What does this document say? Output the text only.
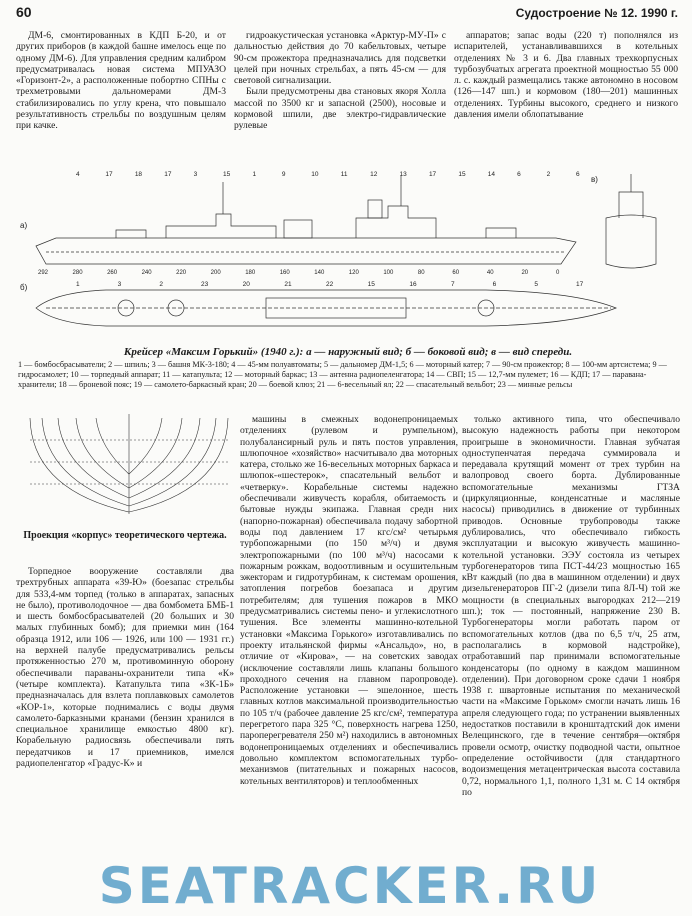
60	Судостроение № 12. 1990 г.

ДМ-6, смонтированных в КДП Б-20, и от других приборов (в каждой башне имелось еще по одному ДМ-6). Для управления средним калибром предусматривалась новая система МПУАЗО «Горизонт-2», а расположенные побортно СПНы с трехметровыми дальномерами ДМ-3 стабилизировались по углу крена, что повышало результативность стрельбы по воздушным целям при качке.

гидроакустическая установка «Арктур-МУ-П» с дальностью действия до 70 кабельтовых, четыре 90-см прожектора предназначались для подсветки целей при ночных стрельбах, а пять 45-см — для световой сигнализации.

Были предусмотрены два становых якоря Холла массой по 3500 кг и запасной (2500), носовые и кормовой шпили, две электро-гидравлические рулевые

аппаратов; запас воды (220 т) пополнялся из испарителей, устанавливавшихся в котельных отделениях № 3 и 6. Два главных трехкорпусных турбозубчатых агрегата проектной мощностью 55 000 л. с. каждый размещались также автономно в носовом (126—147 шп.) и кормовом (180—201) машинных отделениях. Турбины высокого, среднего и низкого давления имели облопатывание

а)
б)
в)
292	280	260	240	220	200	180	160	140	120	100	80	60	40	20	0
4	17	18	17	3	15	1	9	10	11	12	13	17	15	14	6	2	6
1	3	2	23	20	21	22	15	16	7	6	5	17
Крейсер «Максим Горький» (1940 г.): а — наружный вид; б — боковой вид; в — вид спереди.
1 — бомбосбрасыватели; 2 — шпиль; 3 — башня МК-3-180; 4 — 45-мм полуавтоматы; 5 — дальномер ДМ-1,5; 6 — моторный катер; 7 — 90-см прожектор; 8 — 100-мм артсистема; 9 — гидросамолет; 10 — торпедный аппарат; 11 — катапульта; 12 — моторный баркас; 13 — антенна радиопеленгатора; 14 — СВП; 15 — 12,7-мм пулемет; 16 — КДП; 17 — паравана-хранители; 18 — броневой пояс; 19 — самолето-баркасный кран; 20 — боевой клюз; 21 — 6-весельный ял; 22 — спасательный вельбот; 23 — минные рельсы
Проекция «корпус» теоретического чертежа.

Торпедное вооружение составляли два трехтрубных аппарата «39-Ю» (боезапас стрельбы для 533,4-мм торпед (только в аппаратах, запасных не было), противолодочное — два бомбомета БМБ-1 и шесть бомбосбрасывателей (20 больших и 30 малых глубинных бомб); для приемки мин (164 образца 1912, или 106 — 1926, или 100 — 1931 гг.) на верхней палубе предусматривались рельсы протяженностью 270 м, противоминную оборону обеспечивали параваны-охранители типа «К» (четыре комплекта). Катапульта типа «ЗК-1Б» предназначалась для взлета поплавковых самолетов «КОР-1», которые поднимались с воды двумя самолето-барказными кранами (бензин хранился в специальное хранилище емкостью 4800 кг). Корабельную радиосвязь обеспечивали пять передатчиков и 17 приемников, имелся радиопеленгатор «Градус-К» и

машины в смежных водонепроницаемых отделениях (рулевом и румпельном), полубалансирный руль и пять постов управления, шлюпочное «хозяйство» насчитывало два моторных катера, столько же 16-весельных моторных баркаса и шлюпок-«шестерок», спасательный вельбот и «четверку». Корабельные системы надежно обеспечивали живучесть корабля, обитаемость и бытовые нужды экипажа. Главная средн них (напорно-пожарная) обеспечивала подачу забортной воды под давлением 17 кгс/см² четырьмя турбопожарными (по 150 м³/ч) и двумя электропожарными (по 100 м³/ч) насосами к пожарным рожкам, водоотливным и осушительным эжекторам и гидротурбинам, к системам орошения, затопления погребов боезапаса и другим потребителям; для тушения пожаров в МКО предусматривались системы пено- и углекислотного тушения. Все элементы машинно-котельной установки «Максима Горького» изготавливались по проекту итальянской фирмы «Ансальдо», но, в отличие от «Кирова», — на советских заводах (исключение составляли лишь клапаны большого проходного сечения на главном паропроводе). Расположение установки — эшелонное, шесть главных котлов максимальной производительностью по 105 т/ч (рабочее давление 25 кгс/см², температура перегретого пара 325 °С, поверхность нагрева 1250, пароперегревателя 250 м²) находились в автономных водонепроницаемых отделениях и обеспечивались довольно комплектом вспомогательных турбо-механизмов (питательных и пожарных насосов, котельных вентиляторов) и теплообменных

только активного типа, что обеспечивало высокую надежность работы при некотором проигрыше в экономичности. Главная зубчатая одноступенчатая передача суммировала и передавала крутящий момент от трех турбин на валопровод своего борта. Дублированные вспомогательные механизмы ГТЗА (циркуляционные, конденсатные и масляные насосы) приводились в движение от турбинных приводов. Основные трубопроводы также дублировались, что обеспечивало гибкость эксплуатации и высокую живучесть машинно-котельной установки. ЭЭУ состояла из четырех турбогенераторов типа ПСТ-44/23 мощностью 165 кВт каждый (по два в машинном отделении) и двух дизельгенераторов ПГ-2 (дизели типа 8Л-Ч) той же мощности (в специальных выгородках 212—219 шп.); ток — постоянный, напряжение 230 В. Турбогенераторы могли работать паром от вспомогательных котлов (два по 6,5 т/ч, 25 атм, располагались в кормовой надстройке), отработавший пар принимали вспомогательные конденсаторы (по одному в каждом машинном отделении). При договорном сроке сдачи 1 ноября 1938 г. швартовные испытания по механической части на «Максиме Горьком» смогли начать лишь 16 апреля следующего года; по устранении выявленных недостатков поставили в кронштадтский док имени Велещинского, где в течение сентября—октября провели осмотр, очистку подводной части, опытное определение остойчивости (для стандартного водоизмещения метацентрическая высота составила 0,72, нормального 1,1, полного 1,31 м. С 14 октября по

SEATRACKER.RU
